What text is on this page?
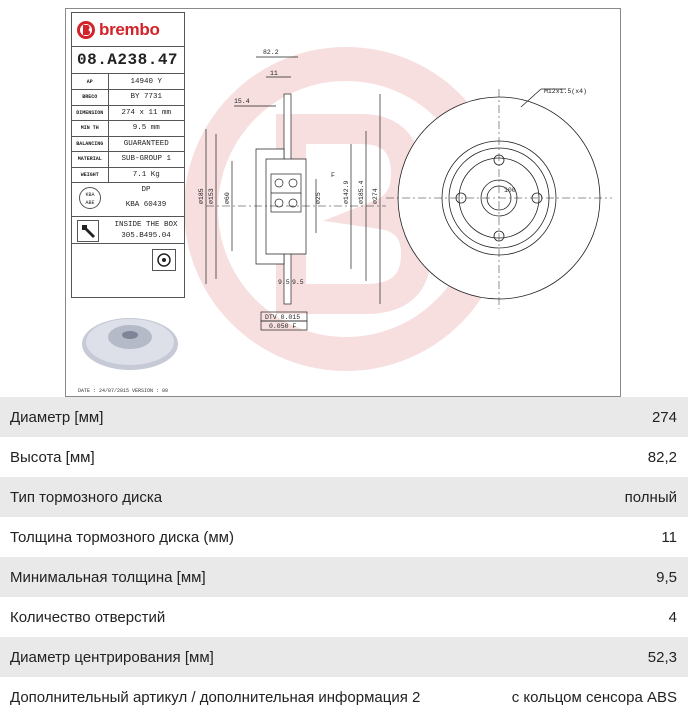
82.2
11
15.4
∅185 ∅153 ∅60	∅25	∅142.9 ∅185.4 ∅274
F
DTV 0.015
0.050 F
9.5 9.5
M12x1.5(x4)
100
brembo
08.A238.47
AP	14940 Y
BRECO	BY 7731
DIMENSION	274 x 11 mm
MIN TH	9.5 mm
BALANCING	GUARANTEED
MATERIAL	SUB-GROUP 1
WEIGHT	7.1 Kg
KBA ABE
DP
KBA 60439
INSIDE THE BOX
305.B495.04
DATE : 24/07/2015 VERSION : 00
Диаметр [мм]	274
Высота [мм]	82,2
Тип тормозного диска	полный
Толщина тормозного диска (мм)	11
Минимальная толщина [мм]	9,5
Количество отверстий	4
Диаметр центрирования [мм]	52,3
Дополнительный артикул / дополнительная информация 2	с кольцом сенсора ABS
